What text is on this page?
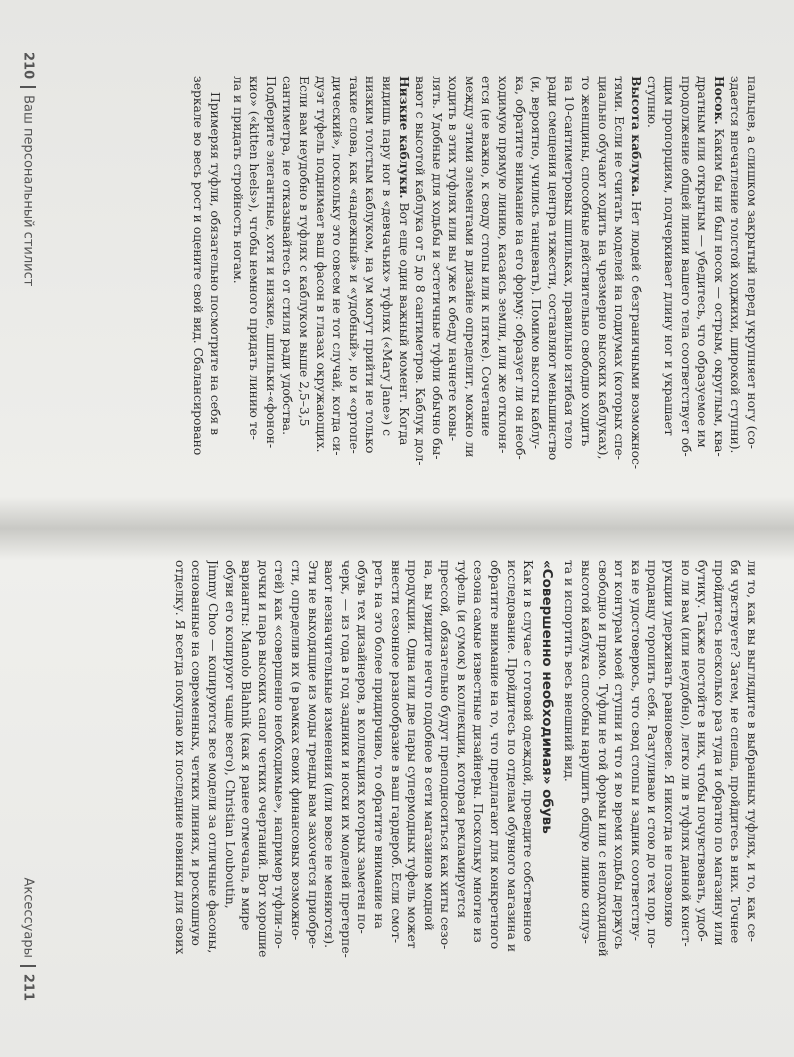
пальцев, а слишком закрытый перед укрупняет ногу (со-
здается впечатление толстой ходжихи, широкой ступни).
Носок. Каким бы ни был носок — острым, округлым, ква-
дратным или открытым — убедитесь, что образуемое им
продолжение общей линии вашего тела соответствует об-
щим пропорциям, подчеркивает длину ног и украшает
ступню.
Высота каблука. Нет людей с безграничными возможнос-
тями. Если не считать моделей на подиумах (которых спе-
циально обучают ходить на чрезмерно высоких каблуках),
то женщины, способные действительно свободно ходить
на 10-сантиметровых шпильках, правильно изгибая тело
ради смещения центра тяжести, составляют меньшинство
(и, вероятно, учились танцевать). Помимо высоты каблу-
ка, обратите внимание на его форму: образует ли он необ-
ходимую прямую линию, касаясь земли, или же отклоня-
ется (не важно, к своду стопы или к пятке). Сочетание
между этими элементами в дизайне определит, можно ли
ходить в этих туфлях или вы уже к обеду начнете ковы-
лять. Удобные для ходьбы и эстетичные туфли обычно бы-
вают с высотой каблука от 5 до 8 сантиметров. Каблук дол-
Низкие каблуки. Вот еще один важный момент. Когда
видишь пару ног в «девчачьих» туфлях («Mary Jane») с
низким толстым каблуком, на ум могут прийти не только
такие слова, как «надежный» и «удобный», но и «ортопе-
дический», поскольку это совсем не тот случай, когда си-
дуэт туфель поднимает ваш фасон в глазах окружающих.
Если вам неудобно в туфлях с каблуком выше 2,5–3,5
сантиметра, не отказывайтесь от стиля ради удобства.
Подберите элегантные, хотя и низкие, шпильки-«фонон-
кио» («kitten heels»), чтобы немного придать линию те-
ла и придать стройность ногам.
Примеряя туфли, обязательно посмотрите на себя в
зеркале во весь рост и оцените свой вид. Сбалансировано
210Ваш персональный стилист
ли то, как вы выглядите в выбранных туфлях, и то, как се-
бя чувствуете? Затем, не спеша, пройдитесь в них. Точнее
пройдитесь несколько раз туда и обратно по магазину или
бутику. Также постойте в них, чтобы почувствовать, удоб-
но ли вам (или неудобно), легко ли в туфлях данной конст-
рукции удерживать равновесие. Я никогда не позволяю
продавцу торопить себя. Разгуливаю и стою до тех пор, по-
ка не удостоверюсь, что свод стопы и задник соответству-
ют контурам моей ступни и что я во время ходьбы держусь
свободно и прямо. Туфли не той формы или с неподходящей
высотой каблука способны нарушить общую линию силуэ-
та и испортить весь внешний вид.
«Совершенно необходимая» обувь
Как и в случае с готовой одеждой, проведите собственное
исследование. Пройдитесь по отделам обувного магазина и
обратите внимание на то, что предлагают для конкретного
сезона самые известные дизайнеры. Поскольку многие из
туфель (и сумок) в коллекции, которая рекламируется
прессой, обязательно будут преподноситься как хиты сезо-
на, вы увидите нечто подобное в сети магазинов модной
продукции. Одна или две пары супермодных туфель может
внести сезонное разнообразие в ваш гардероб. Если смот-
реть на это более придирчиво, то обратите внимание на
обувь тех дизайнеров, в коллекциях которых заметен по-
черк, — из года в год задники и носки их моделей претерпе-
вают незначительные изменения (или вовсе не меняются).
Эти не выходящие из моды тренды вам захочется приобре-
сти, определив их (в рамках своих финансовых возможно-
стей) как «совершенно необходимые», например туфли-ло-
дочки и пара высоких сапог четких очертаний. Вот хорошие
варианты: Manolo Blahnik (как я ранее отмечала, в мире
обуви его копируют чаще всего), Christian Louboutin,
Jimmy Choo — копируются все модели за отличные фасоны,
основанные на современных, четких линиях, и роскошную
отделку. Я всегда покупаю их последние новинки для своих
Аксессуары211
